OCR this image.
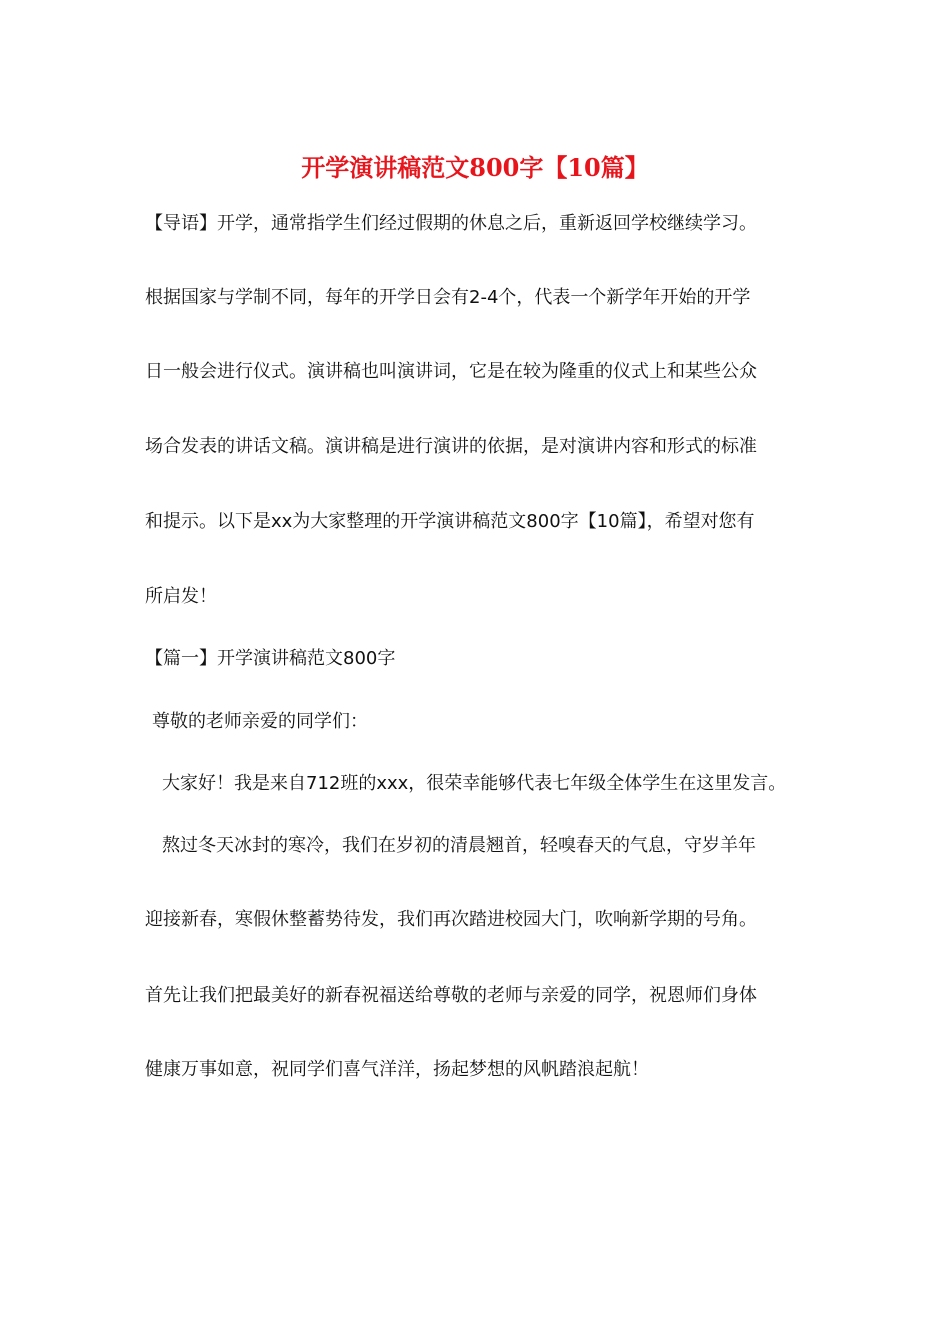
开学演讲稿范文800字【10篇】
【导语】开学，通常指学生们经过假期的休息之后，重新返回学校继续学习。
根据国家与学制不同，每年的开学日会有2-4个，代表一个新学年开始的开学
日一般会进行仪式。演讲稿也叫演讲词，它是在较为隆重的仪式上和某些公众
场合发表的讲话文稿。演讲稿是进行演讲的依据，是对演讲内容和形式的标准
和提示。以下是xx为大家整理的开学演讲稿范文800字【10篇】，希望对您有
所启发！
【篇一】开学演讲稿范文800字
尊敬的老师亲爱的同学们：
大家好！我是来自712班的xxx，很荣幸能够代表七年级全体学生在这里发言。
熬过冬天冰封的寒冷，我们在岁初的清晨翘首，轻嗅春天的气息，守岁羊年
迎接新春，寒假休整蓄势待发，我们再次踏进校园大门，吹响新学期的号角。
首先让我们把最美好的新春祝福送给尊敬的老师与亲爱的同学，祝恩师们身体
健康万事如意，祝同学们喜气洋洋，扬起梦想的风帆踏浪起航！
